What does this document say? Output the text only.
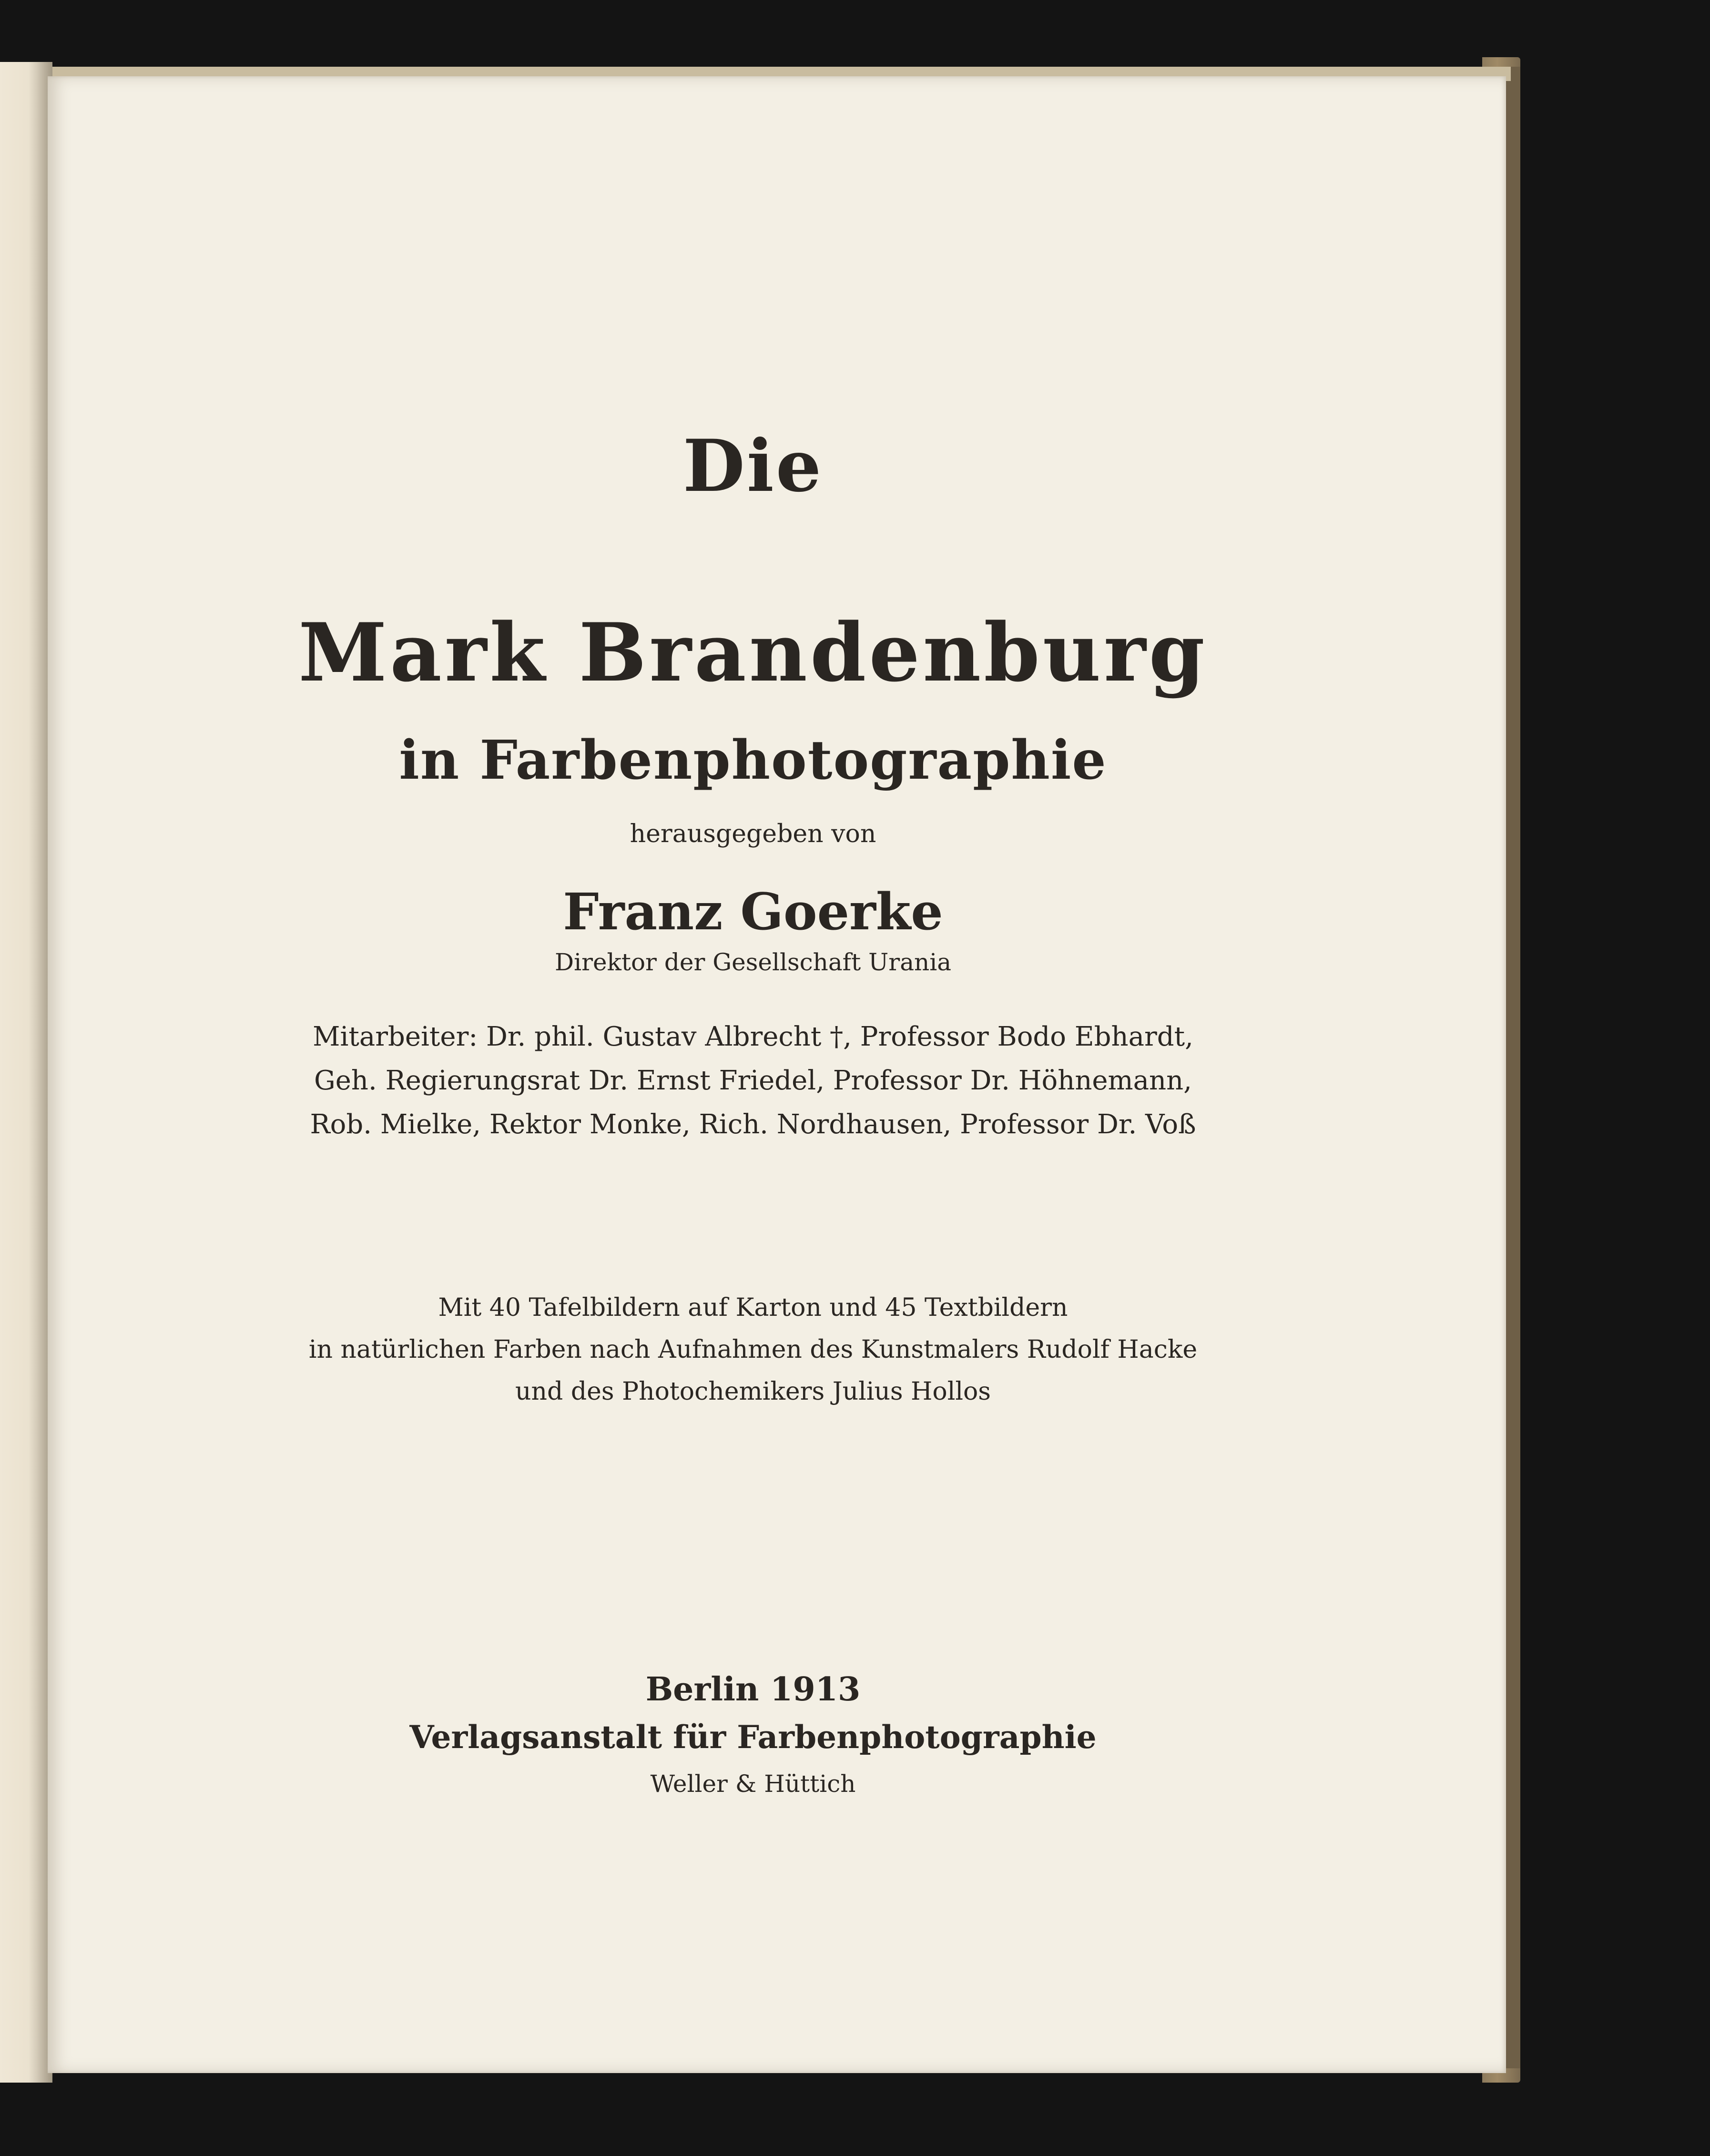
Die
Mark Brandenburg
in Farbenphotographie
herausgegeben von
Franz Goerke
Direktor der Gesellschaft Urania
Mitarbeiter: Dr. phil. Gustav Albrecht †, Professor Bodo Ebhardt,
Geh. Regierungsrat Dr. Ernst Friedel, Professor Dr. Höhnemann,
Rob. Mielke, Rektor Monke, Rich. Nordhausen, Professor Dr. Voß
Mit 40 Tafelbildern auf Karton und 45 Textbildern
in natürlichen Farben nach Aufnahmen des Kunstmalers Rudolf Hacke
und des Photochemikers Julius Hollos
Berlin 1913
Verlagsanstalt für Farbenphotographie
Weller & Hüttich
